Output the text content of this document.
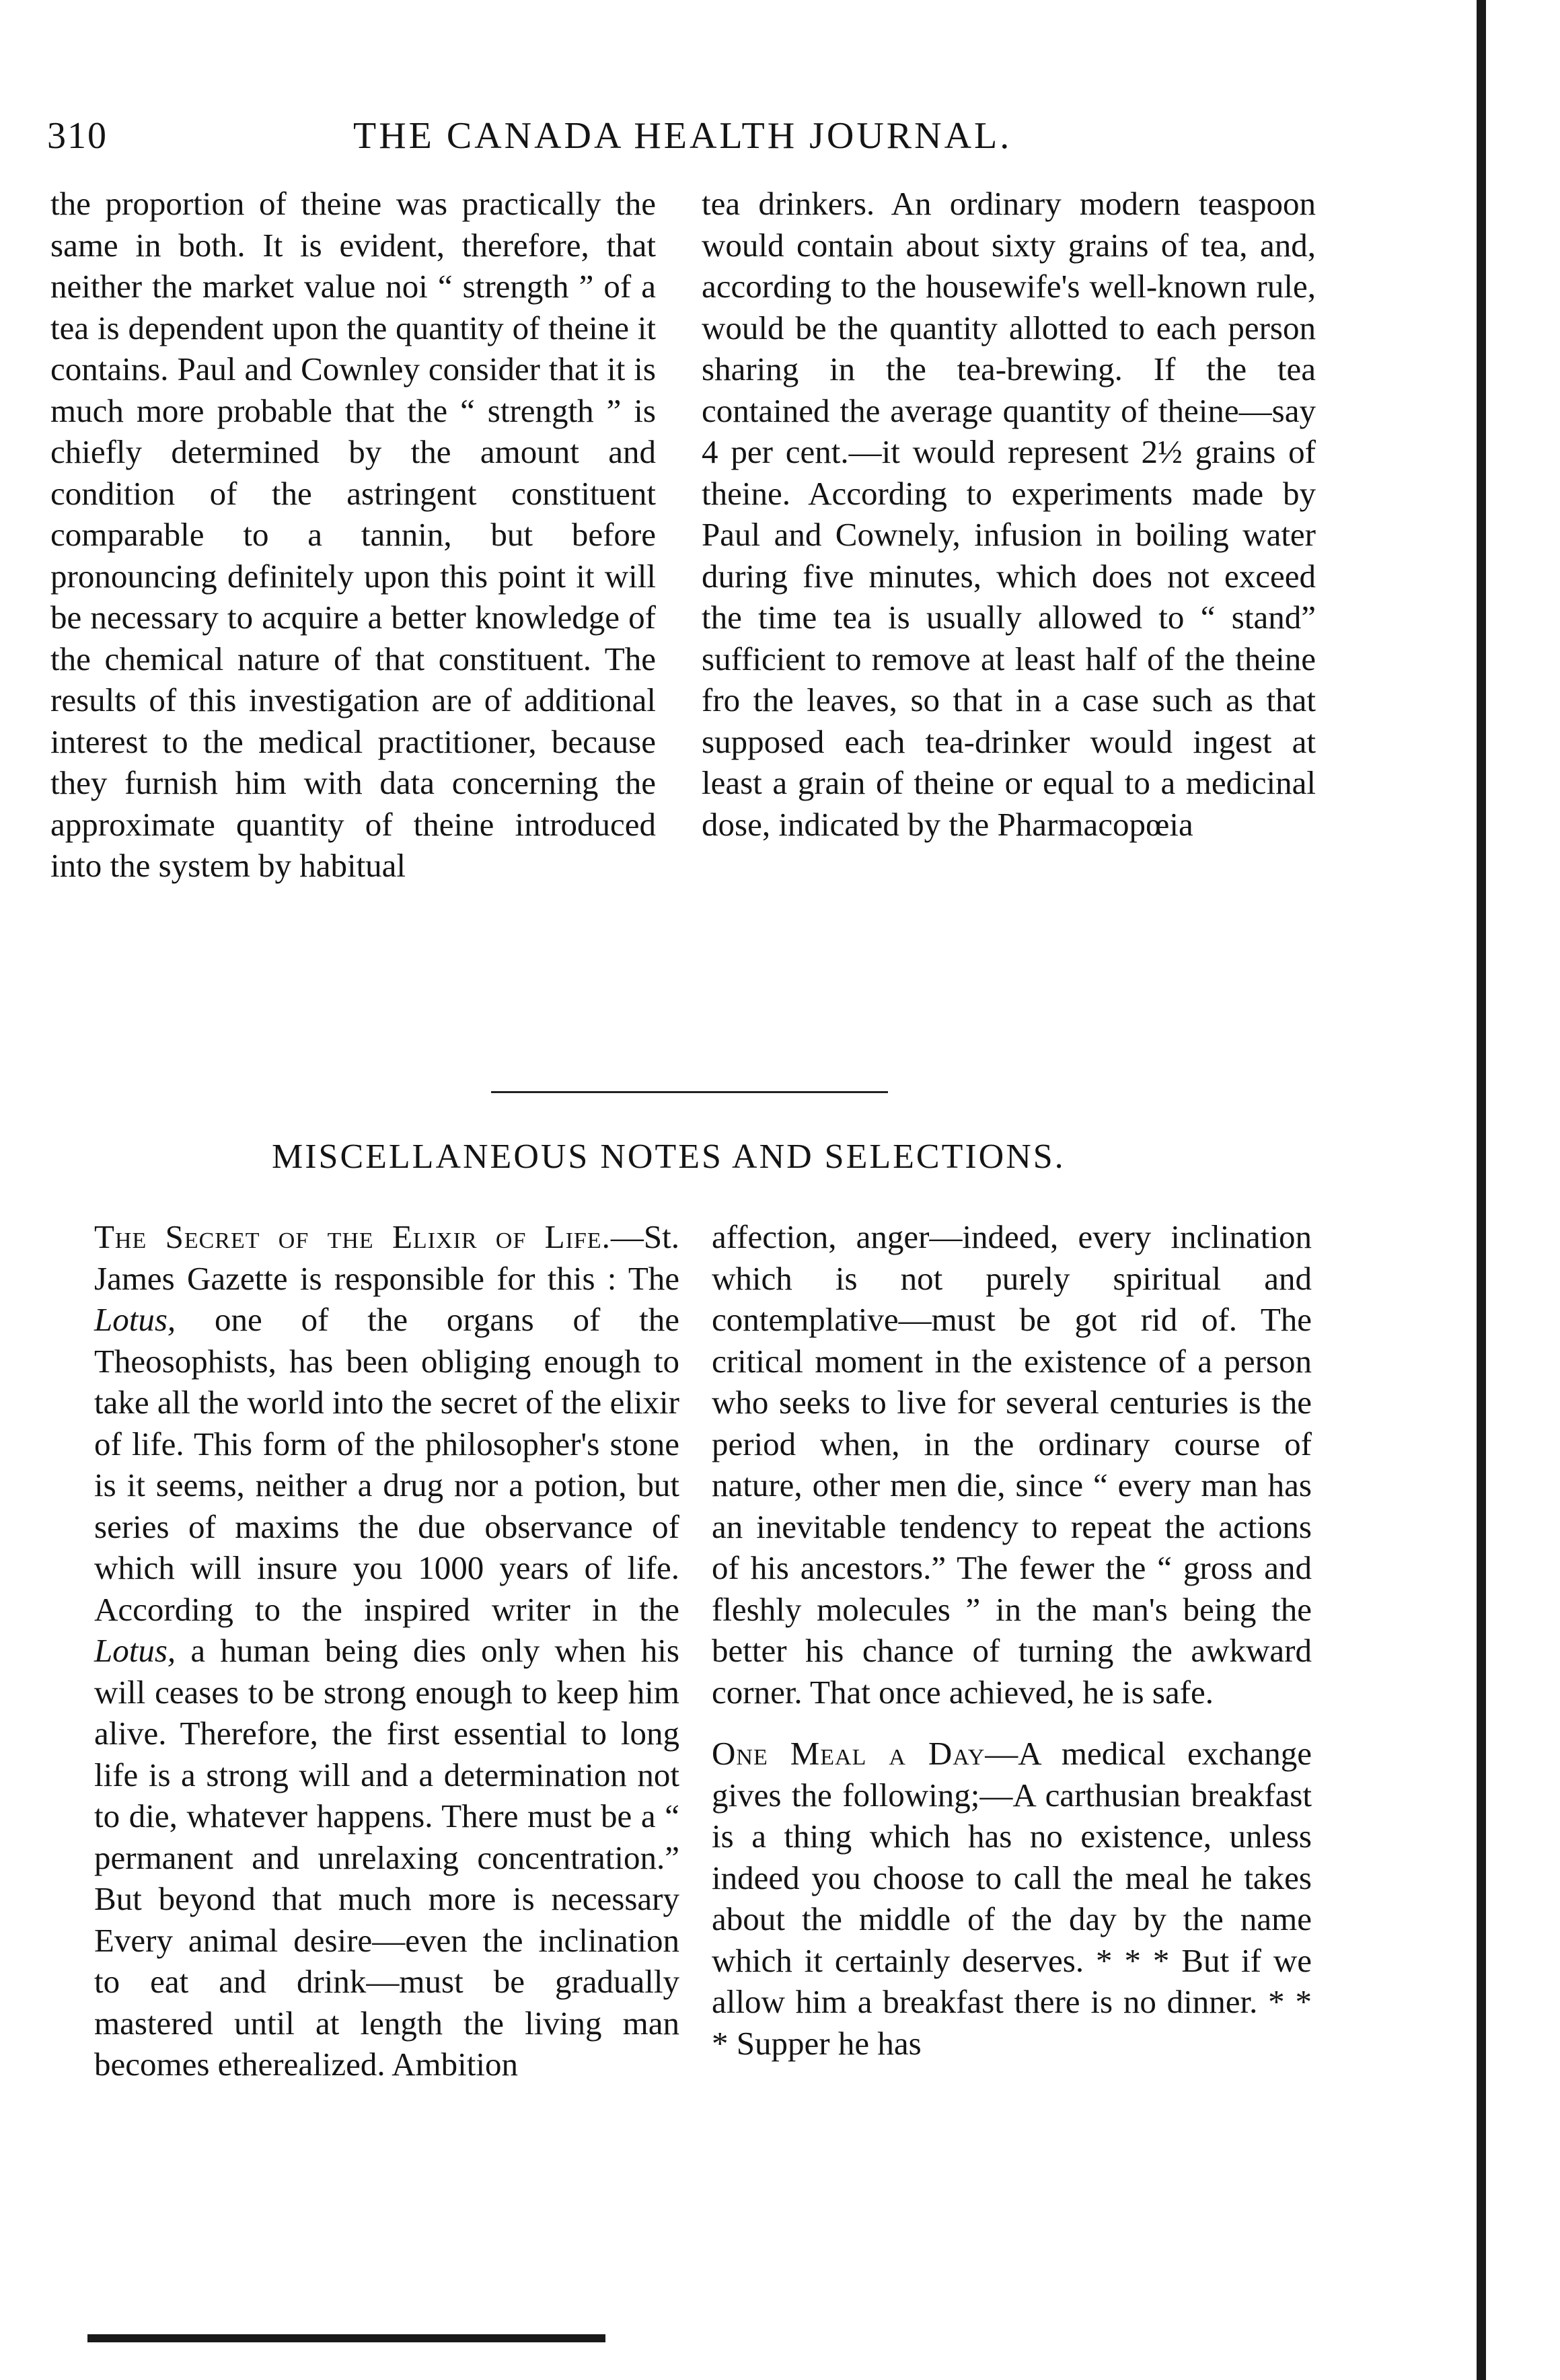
310	THE CANADA HEALTH JOURNAL.

the proportion of theine was practically the same in both. It is evident, therefore, that neither the market value noi “ strength ” of a tea is dependent upon the quantity of theine it contains. Paul and Cownley consider that it is much more probable that the “ strength ” is chiefly determined by the amount and condition of the astringent constituent comparable to a tannin, but before pronouncing definitely upon this point it will be necessary to acquire a better knowledge of the chemical nature of that constituent. The results of this investigation are of additional interest to the medical practitioner, because they furnish him with data concerning the approximate quantity of theine introduced into the system by habitual

tea drinkers. An ordinary modern teaspoon would contain about sixty grains of tea, and, according to the housewife's well-known rule, would be the quantity allotted to each person sharing in the tea-brewing. If the tea contained the average quantity of theine—say 4 per cent.—it would represent 2½ grains of theine. According to experiments made by Paul and Cownely, infusion in boiling water during five minutes, which does not exceed the time tea is usually allowed to “ stand” sufficient to remove at least half of the theine fro the leaves, so that in a case such as that supposed each tea-drinker would ingest at least a grain of theine or equal to a medicinal dose, indicated by the Pharmacopœia

MISCELLANEOUS NOTES AND SELECTIONS.

The Secret of the Elixir of Life.—St. James Gazette is responsible for this : The Lotus, one of the organs of the Theosophists, has been obliging enough to take all the world into the secret of the elixir of life. This form of the philosopher's stone is it seems, neither a drug nor a potion, but series of maxims the due observance of which will insure you 1000 years of life. According to the inspired writer in the Lotus, a human being dies only when his will ceases to be strong enough to keep him alive. Therefore, the first essential to long life is a strong will and a determination not to die, whatever happens. There must be a “ permanent and unrelaxing concentration.” But beyond that much more is necessary Every animal desire—even the inclination to eat and drink—must be gradually mastered until at length the living man becomes etherealized. Ambition

affection, anger—indeed, every inclination which is not purely spiritual and contemplative—must be got rid of. The critical moment in the existence of a person who seeks to live for several centuries is the period when, in the ordinary course of nature, other men die, since “ every man has an inevitable tendency to repeat the actions of his ancestors.” The fewer the “ gross and fleshly molecules ” in the man's being the better his chance of turning the awkward corner. That once achieved, he is safe.

One Meal a Day—A medical exchange gives the following;—A carthusian breakfast is a thing which has no existence, unless indeed you choose to call the meal he takes about the middle of the day by the name which it certainly deserves. * * * But if we allow him a breakfast there is no dinner. * * * Supper he has
